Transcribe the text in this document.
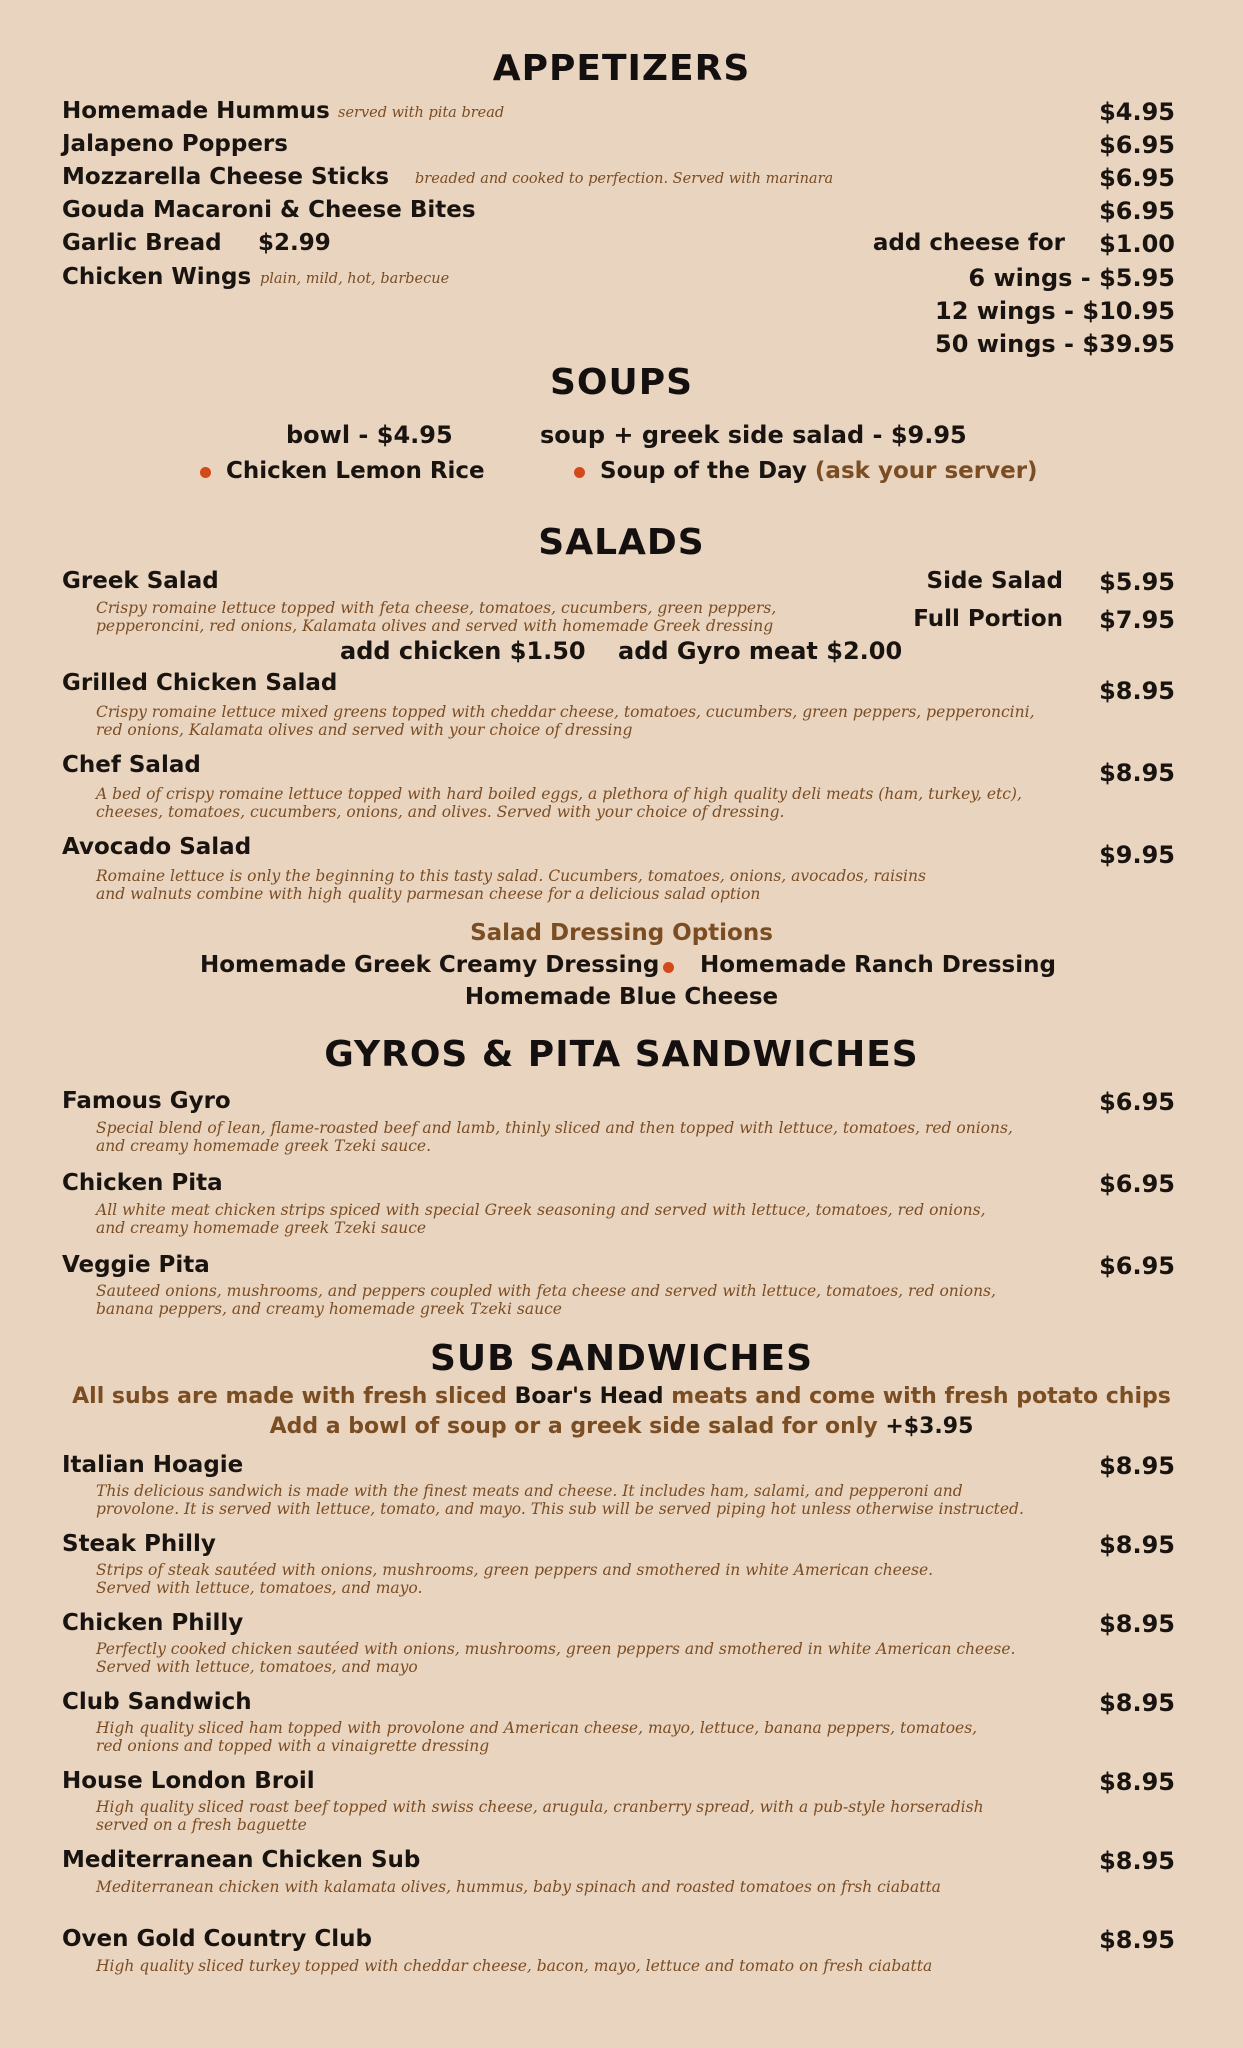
APPETIZERS
Homemade Hummus served with pita bread	$4.95
Jalapeno Poppers	$6.95
Mozzarella Cheese Sticks breaded and cooked to perfection. Served with marinara	$6.95
Gouda Macaroni & Cheese Bites	$6.95
Garlic Bread $2.99	add cheese for $1.00
Chicken Wings plain, mild, hot, barbecue	6 wings - $5.95
12 wings - $10.95
50 wings - $39.95
SOUPS
bowl - $4.95	soup + greek side salad - $9.95
Chicken Lemon Rice	Soup of the Day (ask your server)
SALADS
Greek Salad
Crispy romaine lettuce topped with feta cheese, tomatoes, cucumbers, green peppers,
pepperoncini, red onions, Kalamata olives and served with homemade Greek dressing
Side Salad $5.95
Full Portion $7.95
add chicken $1.50 add Gyro meat $2.00
Grilled Chicken Salad
Crispy romaine lettuce mixed greens topped with cheddar cheese, tomatoes, cucumbers, green peppers, pepperoncini,
red onions, Kalamata olives and served with your choice of dressing
$8.95
Chef Salad
A bed of crispy romaine lettuce topped with hard boiled eggs, a plethora of high quality deli meats (ham, turkey, etc),
cheeses, tomatoes, cucumbers, onions, and olives. Served with your choice of dressing.
$8.95
Avocado Salad
Romaine lettuce is only the beginning to this tasty salad. Cucumbers, tomatoes, onions, avocados, raisins
and walnuts combine with high quality parmesan cheese for a delicious salad option
$9.95
Salad Dressing Options
Homemade Greek Creamy Dressing Homemade Ranch Dressing
Homemade Blue Cheese
GYROS & PITA SANDWICHES
Famous Gyro
Special blend of lean, flame-roasted beef and lamb, thinly sliced and then topped with lettuce, tomatoes, red onions,
and creamy homemade greek Tzeki sauce.
$6.95
Chicken Pita
All white meat chicken strips spiced with special Greek seasoning and served with lettuce, tomatoes, red onions,
and creamy homemade greek Tzeki sauce
$6.95
Veggie Pita
Sauteed onions, mushrooms, and peppers coupled with feta cheese and served with lettuce, tomatoes, red onions,
banana peppers, and creamy homemade greek Tzeki sauce
$6.95
SUB SANDWICHES
All subs are made with fresh sliced Boar's Head meats and come with fresh potato chips
Add a bowl of soup or a greek side salad for only +$3.95
Italian Hoagie
This delicious sandwich is made with the finest meats and cheese. It includes ham, salami, and pepperoni and
provolone. It is served with lettuce, tomato, and mayo. This sub will be served piping hot unless otherwise instructed.
$8.95
Steak Philly
Strips of steak sautéed with onions, mushrooms, green peppers and smothered in white American cheese.
Served with lettuce, tomatoes, and mayo.
$8.95
Chicken Philly
Perfectly cooked chicken sautéed with onions, mushrooms, green peppers and smothered in white American cheese.
Served with lettuce, tomatoes, and mayo
$8.95
Club Sandwich
High quality sliced ham topped with provolone and American cheese, mayo, lettuce, banana peppers, tomatoes,
red onions and topped with a vinaigrette dressing
$8.95
House London Broil
High quality sliced roast beef topped with swiss cheese, arugula, cranberry spread, with a pub-style horseradish
served on a fresh baguette
$8.95
Mediterranean Chicken Sub
Mediterranean chicken with kalamata olives, hummus, baby spinach and roasted tomatoes on frsh ciabatta
$8.95
Oven Gold Country Club
High quality sliced turkey topped with cheddar cheese, bacon, mayo, lettuce and tomato on fresh ciabatta
$8.95
